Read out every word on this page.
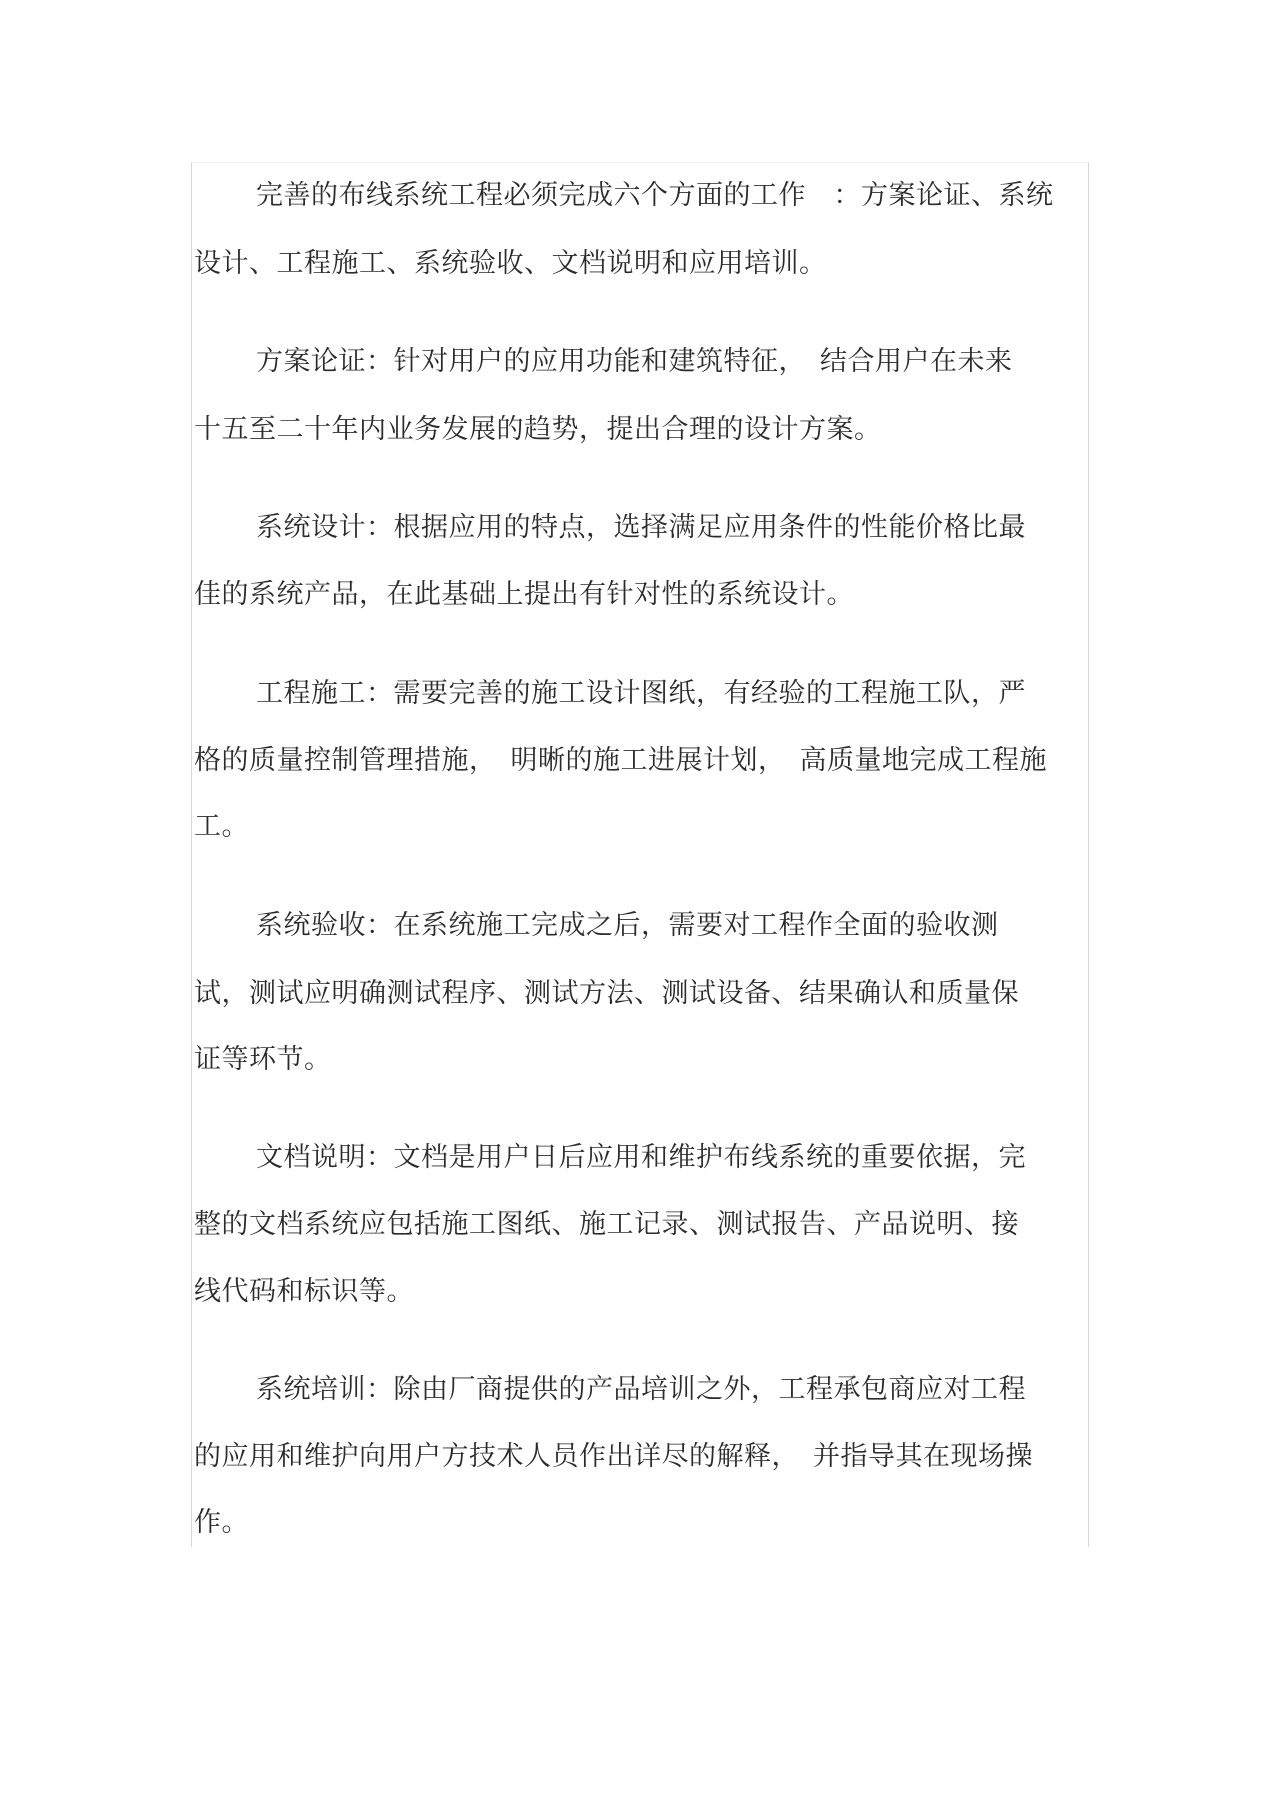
完善的布线系统工程必须完成六个方面的工作　：方案论证、系统

设计、工程施工、系统验收、文档说明和应用培训。

方案论证：针对用户的应用功能和建筑特征，　结合用户在未来

十五至二十年内业务发展的趋势，提出合理的设计方案。

系统设计：根据应用的特点，选择满足应用条件的性能价格比最

佳的系统产品，在此基础上提出有针对性的系统设计。

工程施工：需要完善的施工设计图纸，有经验的工程施工队，严

格的质量控制管理措施，　明晰的施工进展计划，　高质量地完成工程施

工。

系统验收：在系统施工完成之后，需要对工程作全面的验收测

试，测试应明确测试程序、测试方法、测试设备、结果确认和质量保

证等环节。

文档说明：文档是用户日后应用和维护布线系统的重要依据，完

整的文档系统应包括施工图纸、施工记录、测试报告、产品说明、接

线代码和标识等。

系统培训：除由厂商提供的产品培训之外，工程承包商应对工程

的应用和维护向用户方技术人员作出详尽的解释，　并指导其在现场操

作。
